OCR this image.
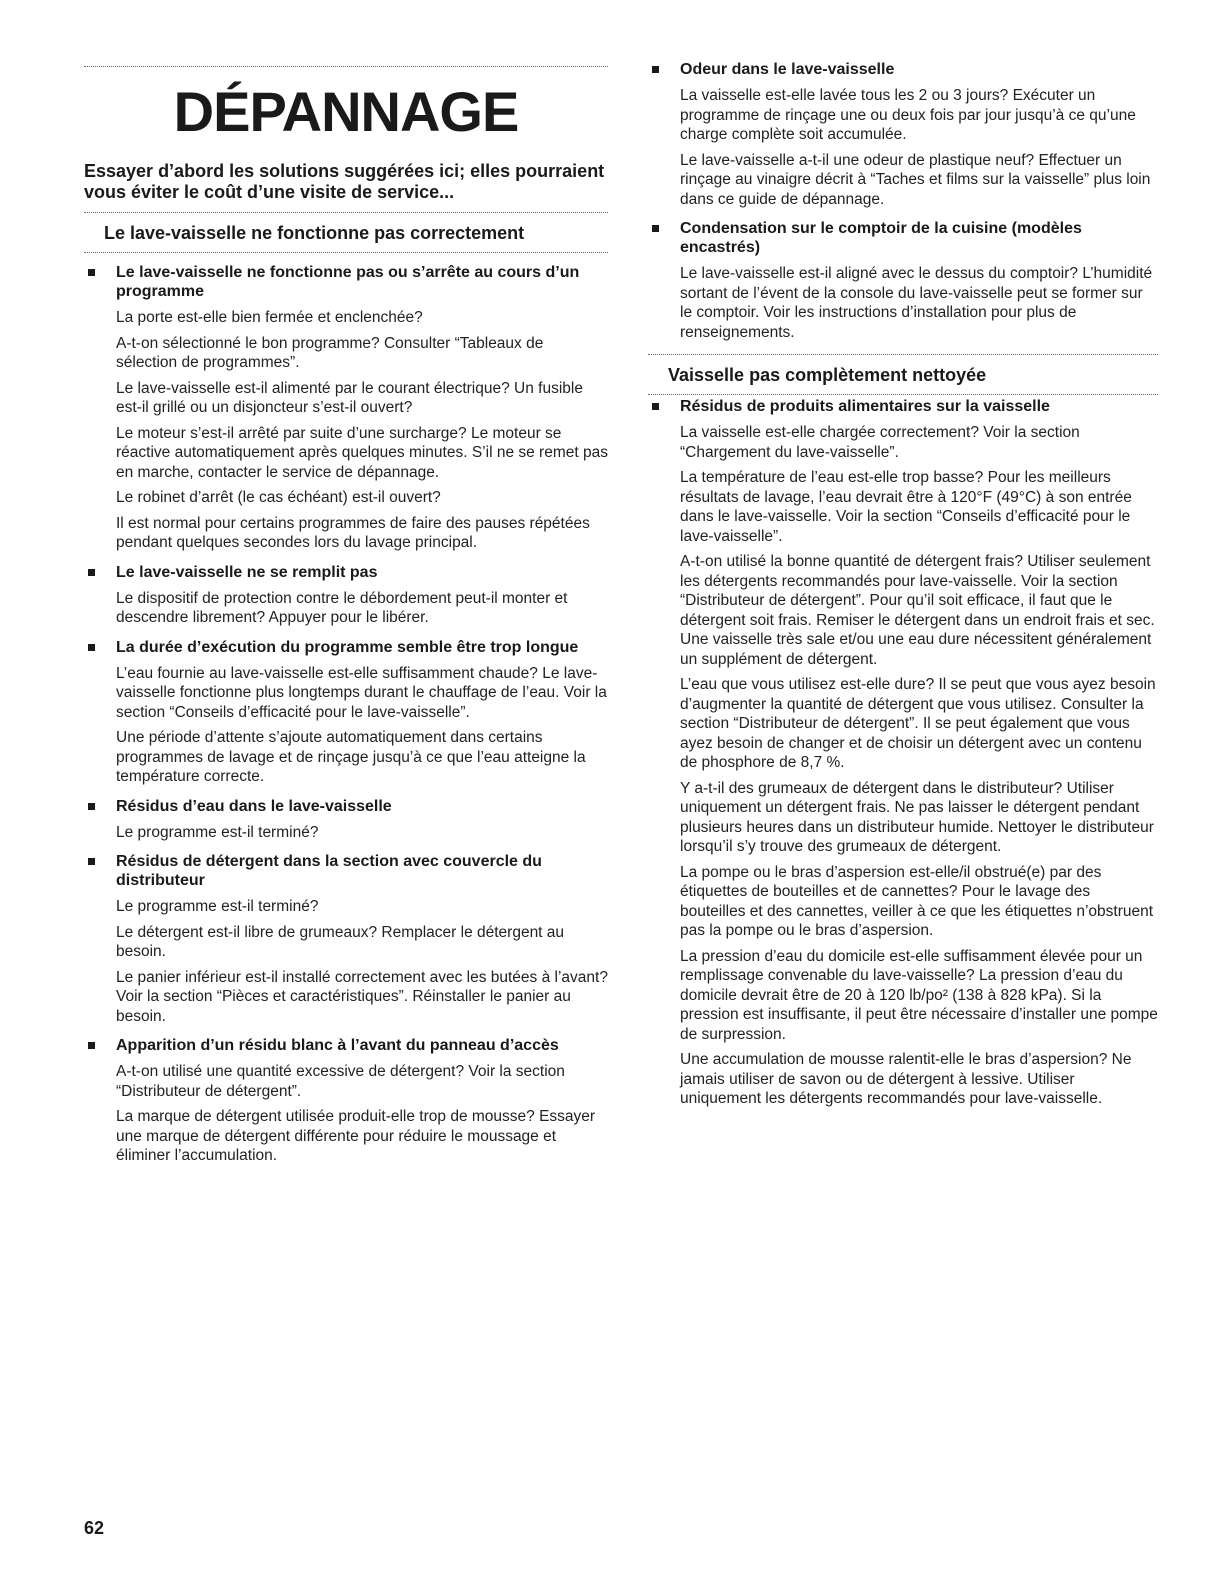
DÉPANNAGE

Essayer d’abord les solutions suggérées ici; elles pourraient vous éviter le coût d’une visite de service...

Le lave-vaisselle ne fonctionne pas correctement
Le lave-vaisselle ne fonctionne pas ou s’arrête au cours d’un programme

La porte est-elle bien fermée et enclenchée?

A-t-on sélectionné le bon programme? Consulter “Tableaux de sélection de programmes”.

Le lave-vaisselle est-il alimenté par le courant électrique? Un fusible est-il grillé ou un disjoncteur s’est-il ouvert?

Le moteur s’est-il arrêté par suite d’une surcharge? Le moteur se réactive automatiquement après quelques minutes. S’il ne se remet pas en marche, contacter le service de dépannage.

Le robinet d’arrêt (le cas échéant) est-il ouvert?

Il est normal pour certains programmes de faire des pauses répétées pendant quelques secondes lors du lavage principal.

Le lave-vaisselle ne se remplit pas

Le dispositif de protection contre le débordement peut-il monter et descendre librement? Appuyer pour le libérer.

La durée d’exécution du programme semble être trop longue

L’eau fournie au lave-vaisselle est-elle suffisamment chaude? Le lave-vaisselle fonctionne plus longtemps durant le chauffage de l’eau. Voir la section “Conseils d’efficacité pour le lave-vaisselle”.

Une période d’attente s’ajoute automatiquement dans certains programmes de lavage et de rinçage jusqu’à ce que l’eau atteigne la température correcte.

Résidus d’eau dans le lave-vaisselle

Le programme est-il terminé?

Résidus de détergent dans la section avec couvercle du distributeur

Le programme est-il terminé?

Le détergent est-il libre de grumeaux? Remplacer le détergent au besoin.

Le panier inférieur est-il installé correctement avec les butées à l’avant? Voir la section “Pièces et caractéristiques”. Réinstaller le panier au besoin.

Apparition d’un résidu blanc à l’avant du panneau d’accès

A-t-on utilisé une quantité excessive de détergent? Voir la section “Distributeur de détergent”.

La marque de détergent utilisée produit-elle trop de mousse? Essayer une marque de détergent différente pour réduire le moussage et éliminer l’accumulation.

Odeur dans le lave-vaisselle

La vaisselle est-elle lavée tous les 2 ou 3 jours? Exécuter un programme de rinçage une ou deux fois par jour jusqu’à ce qu’une charge complète soit accumulée.

Le lave-vaisselle a-t-il une odeur de plastique neuf? Effectuer un rinçage au vinaigre décrit à “Taches et films sur la vaisselle” plus loin dans ce guide de dépannage.

Condensation sur le comptoir de la cuisine (modèles encastrés)

Le lave-vaisselle est-il aligné avec le dessus du comptoir? L’humidité sortant de l’évent de la console du lave-vaisselle peut se former sur le comptoir. Voir les instructions d’installation pour plus de renseignements.

Vaisselle pas complètement nettoyée
Résidus de produits alimentaires sur la vaisselle

La vaisselle est-elle chargée correctement? Voir la section “Chargement du lave-vaisselle”.

La température de l’eau est-elle trop basse? Pour les meilleurs résultats de lavage, l’eau devrait être à 120°F (49°C) à son entrée dans le lave-vaisselle. Voir la section “Conseils d’efficacité pour le lave-vaisselle”.

A-t-on utilisé la bonne quantité de détergent frais? Utiliser seulement les détergents recommandés pour lave-vaisselle. Voir la section “Distributeur de détergent”. Pour qu’il soit efficace, il faut que le détergent soit frais. Remiser le détergent dans un endroit frais et sec. Une vaisselle très sale et/ou une eau dure nécessitent généralement un supplément de détergent.

L’eau que vous utilisez est-elle dure? Il se peut que vous ayez besoin d’augmenter la quantité de détergent que vous utilisez. Consulter la section “Distributeur de détergent”. Il se peut également que vous ayez besoin de changer et de choisir un détergent avec un contenu de phosphore de 8,7 %.

Y a-t-il des grumeaux de détergent dans le distributeur? Utiliser uniquement un détergent frais. Ne pas laisser le détergent pendant plusieurs heures dans un distributeur humide. Nettoyer le distributeur lorsqu’il s’y trouve des grumeaux de détergent.

La pompe ou le bras d’aspersion est-elle/il obstrué(e) par des étiquettes de bouteilles et de cannettes? Pour le lavage des bouteilles et des cannettes, veiller à ce que les étiquettes n’obstruent pas la pompe ou le bras d’aspersion.

La pression d’eau du domicile est-elle suffisamment élevée pour un remplissage convenable du lave-vaisselle? La pression d’eau du domicile devrait être de 20 à 120 lb/po² (138 à 828 kPa). Si la pression est insuffisante, il peut être nécessaire d’installer une pompe de surpression.

Une accumulation de mousse ralentit-elle le bras d’aspersion? Ne jamais utiliser de savon ou de détergent à lessive. Utiliser uniquement les détergents recommandés pour lave-vaisselle.

62
